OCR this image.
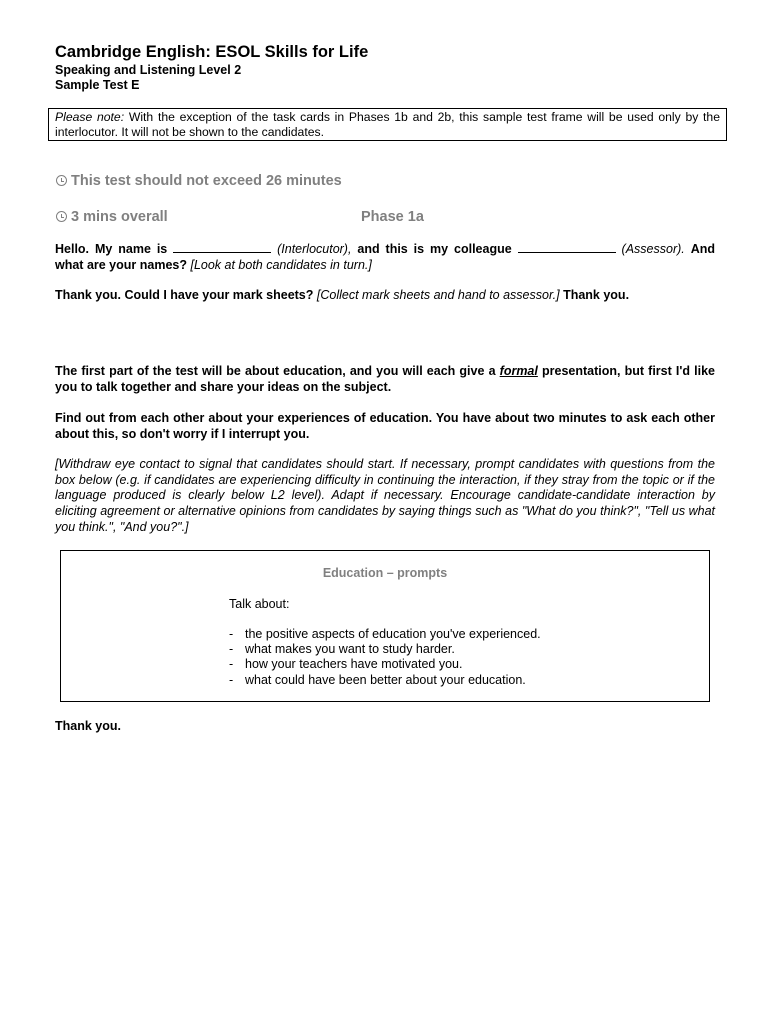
Cambridge English: ESOL Skills for Life
Speaking and Listening Level 2
Sample Test E
Please note: With the exception of the task cards in Phases 1b and 2b, this sample test frame will be used only by the interlocutor. It will not be shown to the candidates.
This test should not exceed 26 minutes
3 mins overall	Phase 1a
Hello. My name is	(Interlocutor), and this is my colleague	(Assessor). And what are your names? [Look at both candidates in turn.]
Thank you. Could I have your mark sheets? [Collect mark sheets and hand to assessor.] Thank you.
The first part of the test will be about education, and you will each give a formal presentation, but first I'd like you to talk together and share your ideas on the subject.
Find out from each other about your experiences of education. You have about two minutes to ask each other about this, so don't worry if I interrupt you.
[Withdraw eye contact to signal that candidates should start. If necessary, prompt candidates with questions from the box below (e.g. if candidates are experiencing difficulty in continuing the interaction, if they stray from the topic or if the language produced is clearly below L2 level). Adapt if necessary. Encourage candidate-candidate interaction by eliciting agreement or alternative opinions from candidates by saying things such as "What do you think?", "Tell us what you think.", "And you?".]
Education – prompts
Talk about:
- the positive aspects of education you've experienced.
- what makes you want to study harder.
- how your teachers have motivated you.
- what could have been better about your education.
Thank you.
